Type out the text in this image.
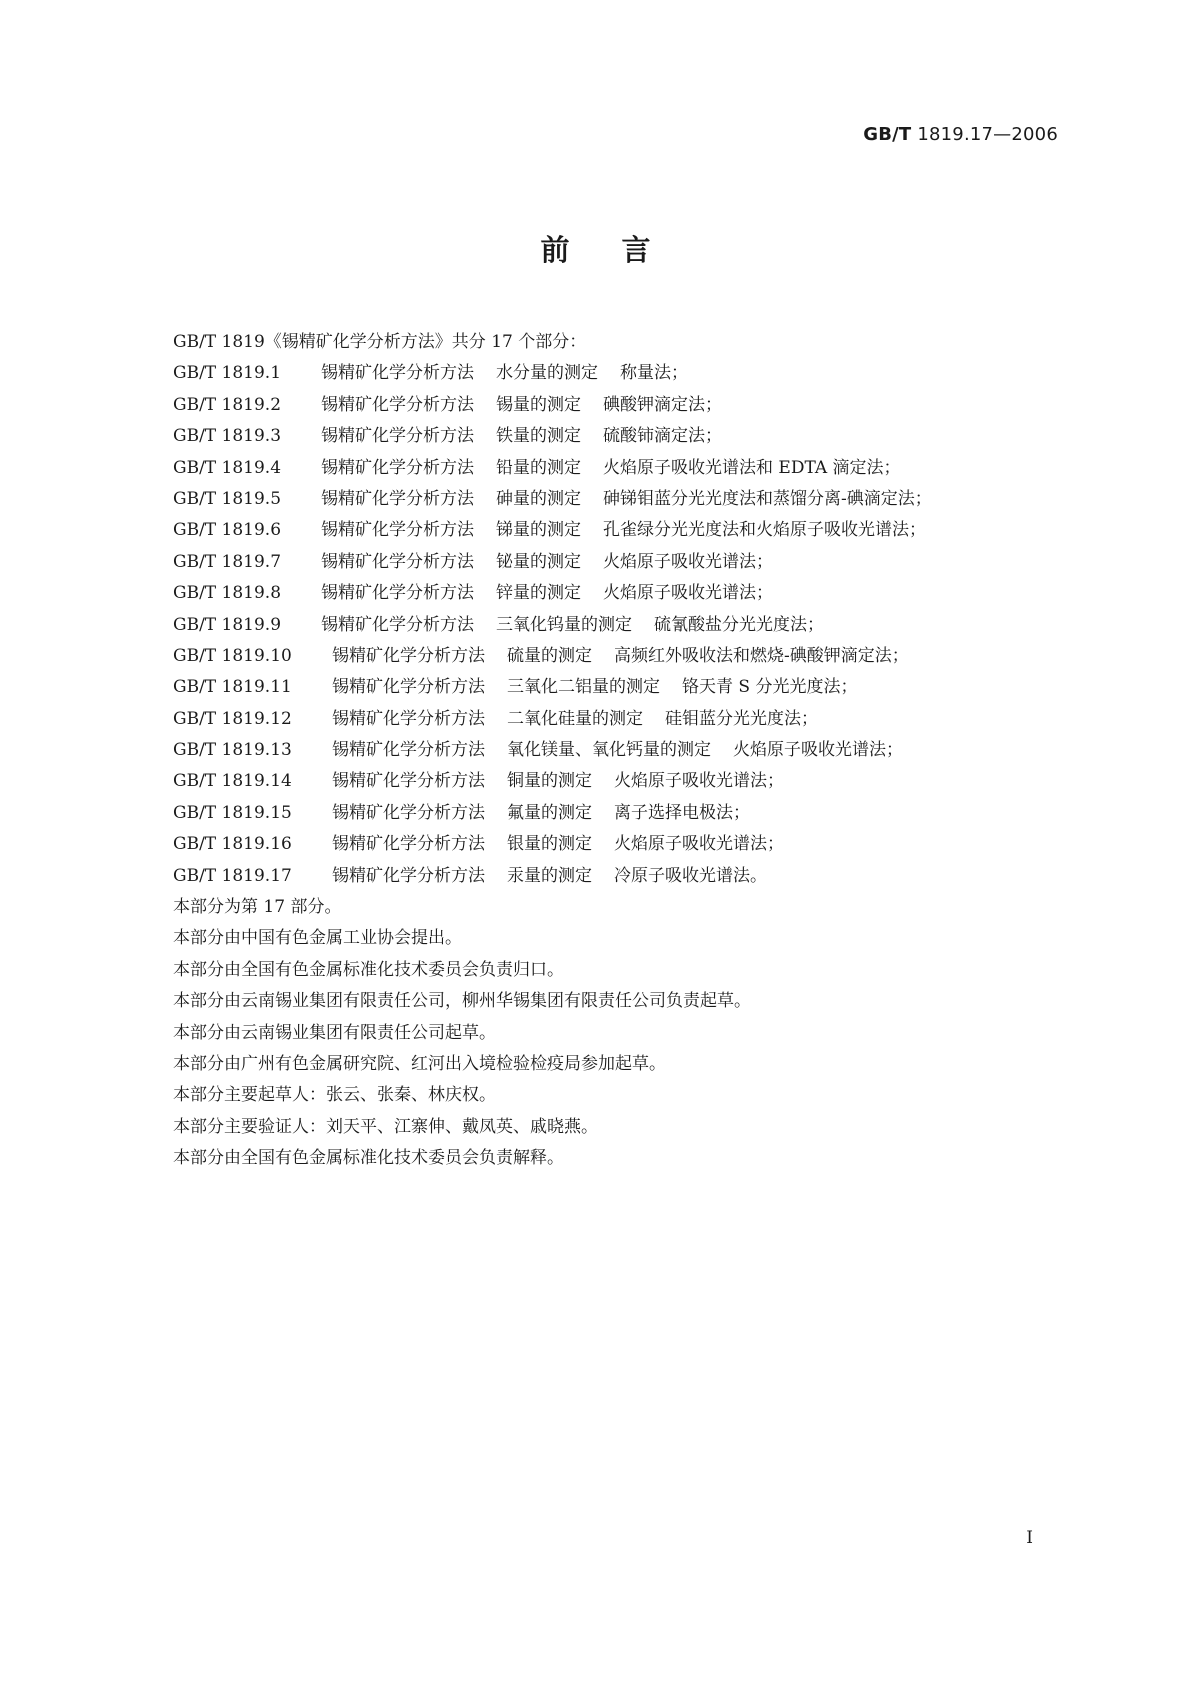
GB/T 1819.17—2006
前言
GB/T 1819《锡精矿化学分析方法》共分 17 个部分：
GB/T 1819.1 锡精矿化学分析方法 水分量的测定 称量法；
GB/T 1819.2 锡精矿化学分析方法 锡量的测定 碘酸钾滴定法；
GB/T 1819.3 锡精矿化学分析方法 铁量的测定 硫酸铈滴定法；
GB/T 1819.4 锡精矿化学分析方法 铅量的测定 火焰原子吸收光谱法和 EDTA 滴定法；
GB/T 1819.5 锡精矿化学分析方法 砷量的测定 砷锑钼蓝分光光度法和蒸馏分离-碘滴定法；
GB/T 1819.6 锡精矿化学分析方法 锑量的测定 孔雀绿分光光度法和火焰原子吸收光谱法；
GB/T 1819.7 锡精矿化学分析方法 铋量的测定 火焰原子吸收光谱法；
GB/T 1819.8 锡精矿化学分析方法 锌量的测定 火焰原子吸收光谱法；
GB/T 1819.9 锡精矿化学分析方法 三氧化钨量的测定 硫氰酸盐分光光度法；
GB/T 1819.10 锡精矿化学分析方法 硫量的测定 高频红外吸收法和燃烧-碘酸钾滴定法；
GB/T 1819.11 锡精矿化学分析方法 三氧化二铝量的测定 铬天青 S 分光光度法；
GB/T 1819.12 锡精矿化学分析方法 二氧化硅量的测定 硅钼蓝分光光度法；
GB/T 1819.13 锡精矿化学分析方法 氧化镁量、氧化钙量的测定 火焰原子吸收光谱法；
GB/T 1819.14 锡精矿化学分析方法 铜量的测定 火焰原子吸收光谱法；
GB/T 1819.15 锡精矿化学分析方法 氟量的测定 离子选择电极法；
GB/T 1819.16 锡精矿化学分析方法 银量的测定 火焰原子吸收光谱法；
GB/T 1819.17 锡精矿化学分析方法 汞量的测定 冷原子吸收光谱法。
本部分为第 17 部分。
本部分由中国有色金属工业协会提出。
本部分由全国有色金属标准化技术委员会负责归口。
本部分由云南锡业集团有限责任公司，柳州华锡集团有限责任公司负责起草。
本部分由云南锡业集团有限责任公司起草。
本部分由广州有色金属研究院、红河出入境检验检疫局参加起草。
本部分主要起草人：张云、张秦、林庆权。
本部分主要验证人：刘天平、江寨伸、戴凤英、戚晓燕。
本部分由全国有色金属标准化技术委员会负责解释。
I
